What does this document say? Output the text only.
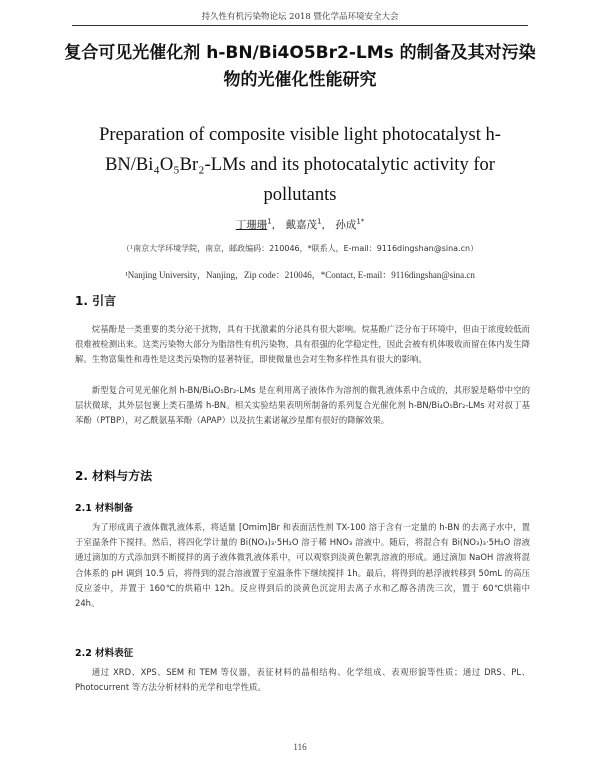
持久性有机污染物论坛 2018 暨化学品环境安全大会
复合可见光催化剂 h-BN/Bi4O5Br2-LMs 的制备及其对污染物的光催化性能研究
Preparation of composite visible light photocatalyst h-BN/Bi₄O₅Br₂-LMs and its photocatalytic activity for pollutants
丁珊珊$^1$， 戴嘉茂$^1$， 孙成$^{1*}$
（¹南京大学环境学院，南京，邮政编码：210046，*联系人，E-mail：9116dingshan@sina.cn）
¹Nanjing University，Nanjing，Zip code：210046，*Contact, E-mail：9116dingshan@sina.cn
1. 引言

烷基酚是一类重要的类分泌干扰物，具有干扰激素的分泌具有很大影响。烷基酚广泛分布于环境中，但由于浓度较低而很难被检测出来。这类污染物大部分为脂溶性有机污染物，具有很强的化学稳定性，因此会被有机体吸收而留在体内发生降解。生物富集性和毒性是这类污染物的显著特征，即使微量也会对生物多样性具有很大的影响。

新型复合可见光催化剂 h-BN/Bi₄O₅Br₂-LMs 是在利用离子液体作为溶剂的微乳液体系中合成的，其形貌是略带中空的层状微球，其外层包裹上类石墨烯 h-BN。相关实验结果表明所制备的系列复合光催化剂 h-BN/Bi₄O₅Br₂-LMs 对对叔丁基苯酚（PTBP），对乙酰氨基苯酚（APAP）以及抗生素诺氟沙星都有很好的降解效果。

2. 材料与方法
2.1 材料制备

为了形成离子液体微乳液体系，将适量 [Omim]Br 和表面活性剂 TX-100 溶于含有一定量的 h-BN 的去离子水中，置于室温条件下搅拌。然后，将四化学计量的 Bi(NO₃)₃·5H₂O 溶于稀 HNO₃ 溶液中。随后，将混合有 Bi(NO₃)₃·5H₂O 溶液通过滴加的方式添加到不断搅拌的离子液体微乳液体系中，可以观察到淡黄色絮乳溶液的形成。通过滴加 NaOH 溶液将混合体系的 pH 调到 10.5 后，将得到的混合溶液置于室温条件下继续搅拌 1h。最后，将得到的悬浮液转移到 50mL 的高压反应釜中，并置于 160℃的烘箱中 12h。反应得到后的淡黄色沉淀用去离子水和乙醇各清洗三次，置于 60℃烘箱中 24h。

2.2 材料表征

通过 XRD、XPS、SEM 和 TEM 等仪器，表征材料的晶相结构、化学组成、表观形貌等性质；通过 DRS、PL、Photocurrent 等方法分析材料的光学和电学性质。

116
